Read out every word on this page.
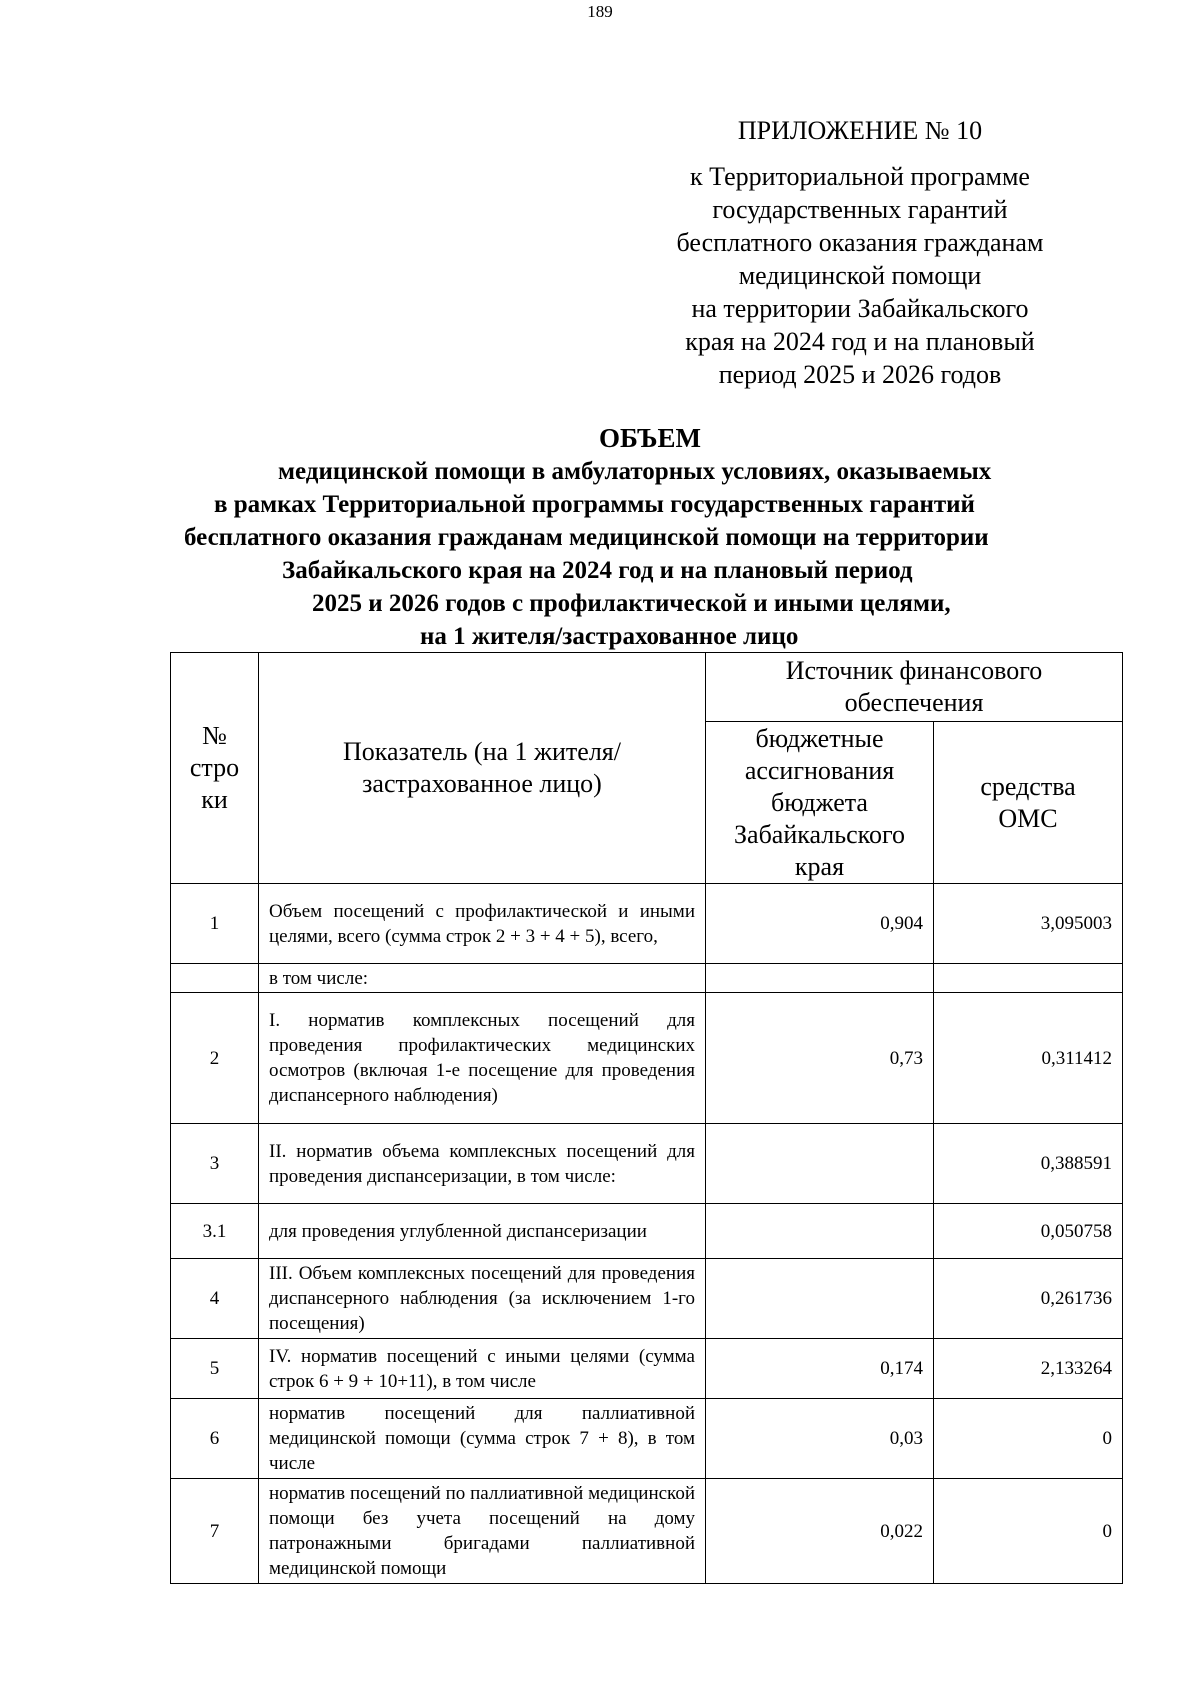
189
ПРИЛОЖЕНИЕ № 10
к Территориальной программе
государственных гарантий
бесплатного оказания гражданам
медицинской помощи
на территории Забайкальского
края на 2024 год и на плановый
период 2025 и 2026 годов
ОБЪЕМ
медицинской помощи в амбулаторных условиях, оказываемых
в рамках Территориальной программы государственных гарантий
бесплатного оказания гражданам медицинской помощи на территории
Забайкальского края на 2024 год и на плановый период
2025 и 2026 годов с профилактической и иными целями,
на 1 жителя/застрахованное лицо
№ стро ки	Показатель (на 1 жителя/застрахованное лицо)	Источник финансового обеспечения	
		бюджетные ассигнования бюджета Забайкальского края	средства ОМС
1	Объем посещений с профилактической и иными целями, всего (сумма строк 2 + 3 + 4 + 5), всего,	0,904	3,095003
	в том числе:		
2	I. норматив комплексных посещений для проведения профилактических медицинских осмотров (включая 1-е посещение для проведения диспансерного наблюдения)	0,73	0,311412
3	II. норматив объема комплексных посещений для проведения диспансеризации, в том числе:		0,388591
3.1	для проведения углубленной диспансеризации		0,050758
4	III. Объем комплексных посещений для проведения диспансерного наблюдения (за исключением 1-го посещения)		0,261736
5	IV. норматив посещений с иными целями (сумма строк 6 + 9 + 10+11), в том числе	0,174	2,133264
6	норматив посещений для паллиативной медицинской помощи (сумма строк 7 + 8), в том числе	0,03	0
7	норматив посещений по паллиативной медицинской помощи без учета посещений на дому патронажными бригадами паллиативной медицинской помощи	0,022	0
